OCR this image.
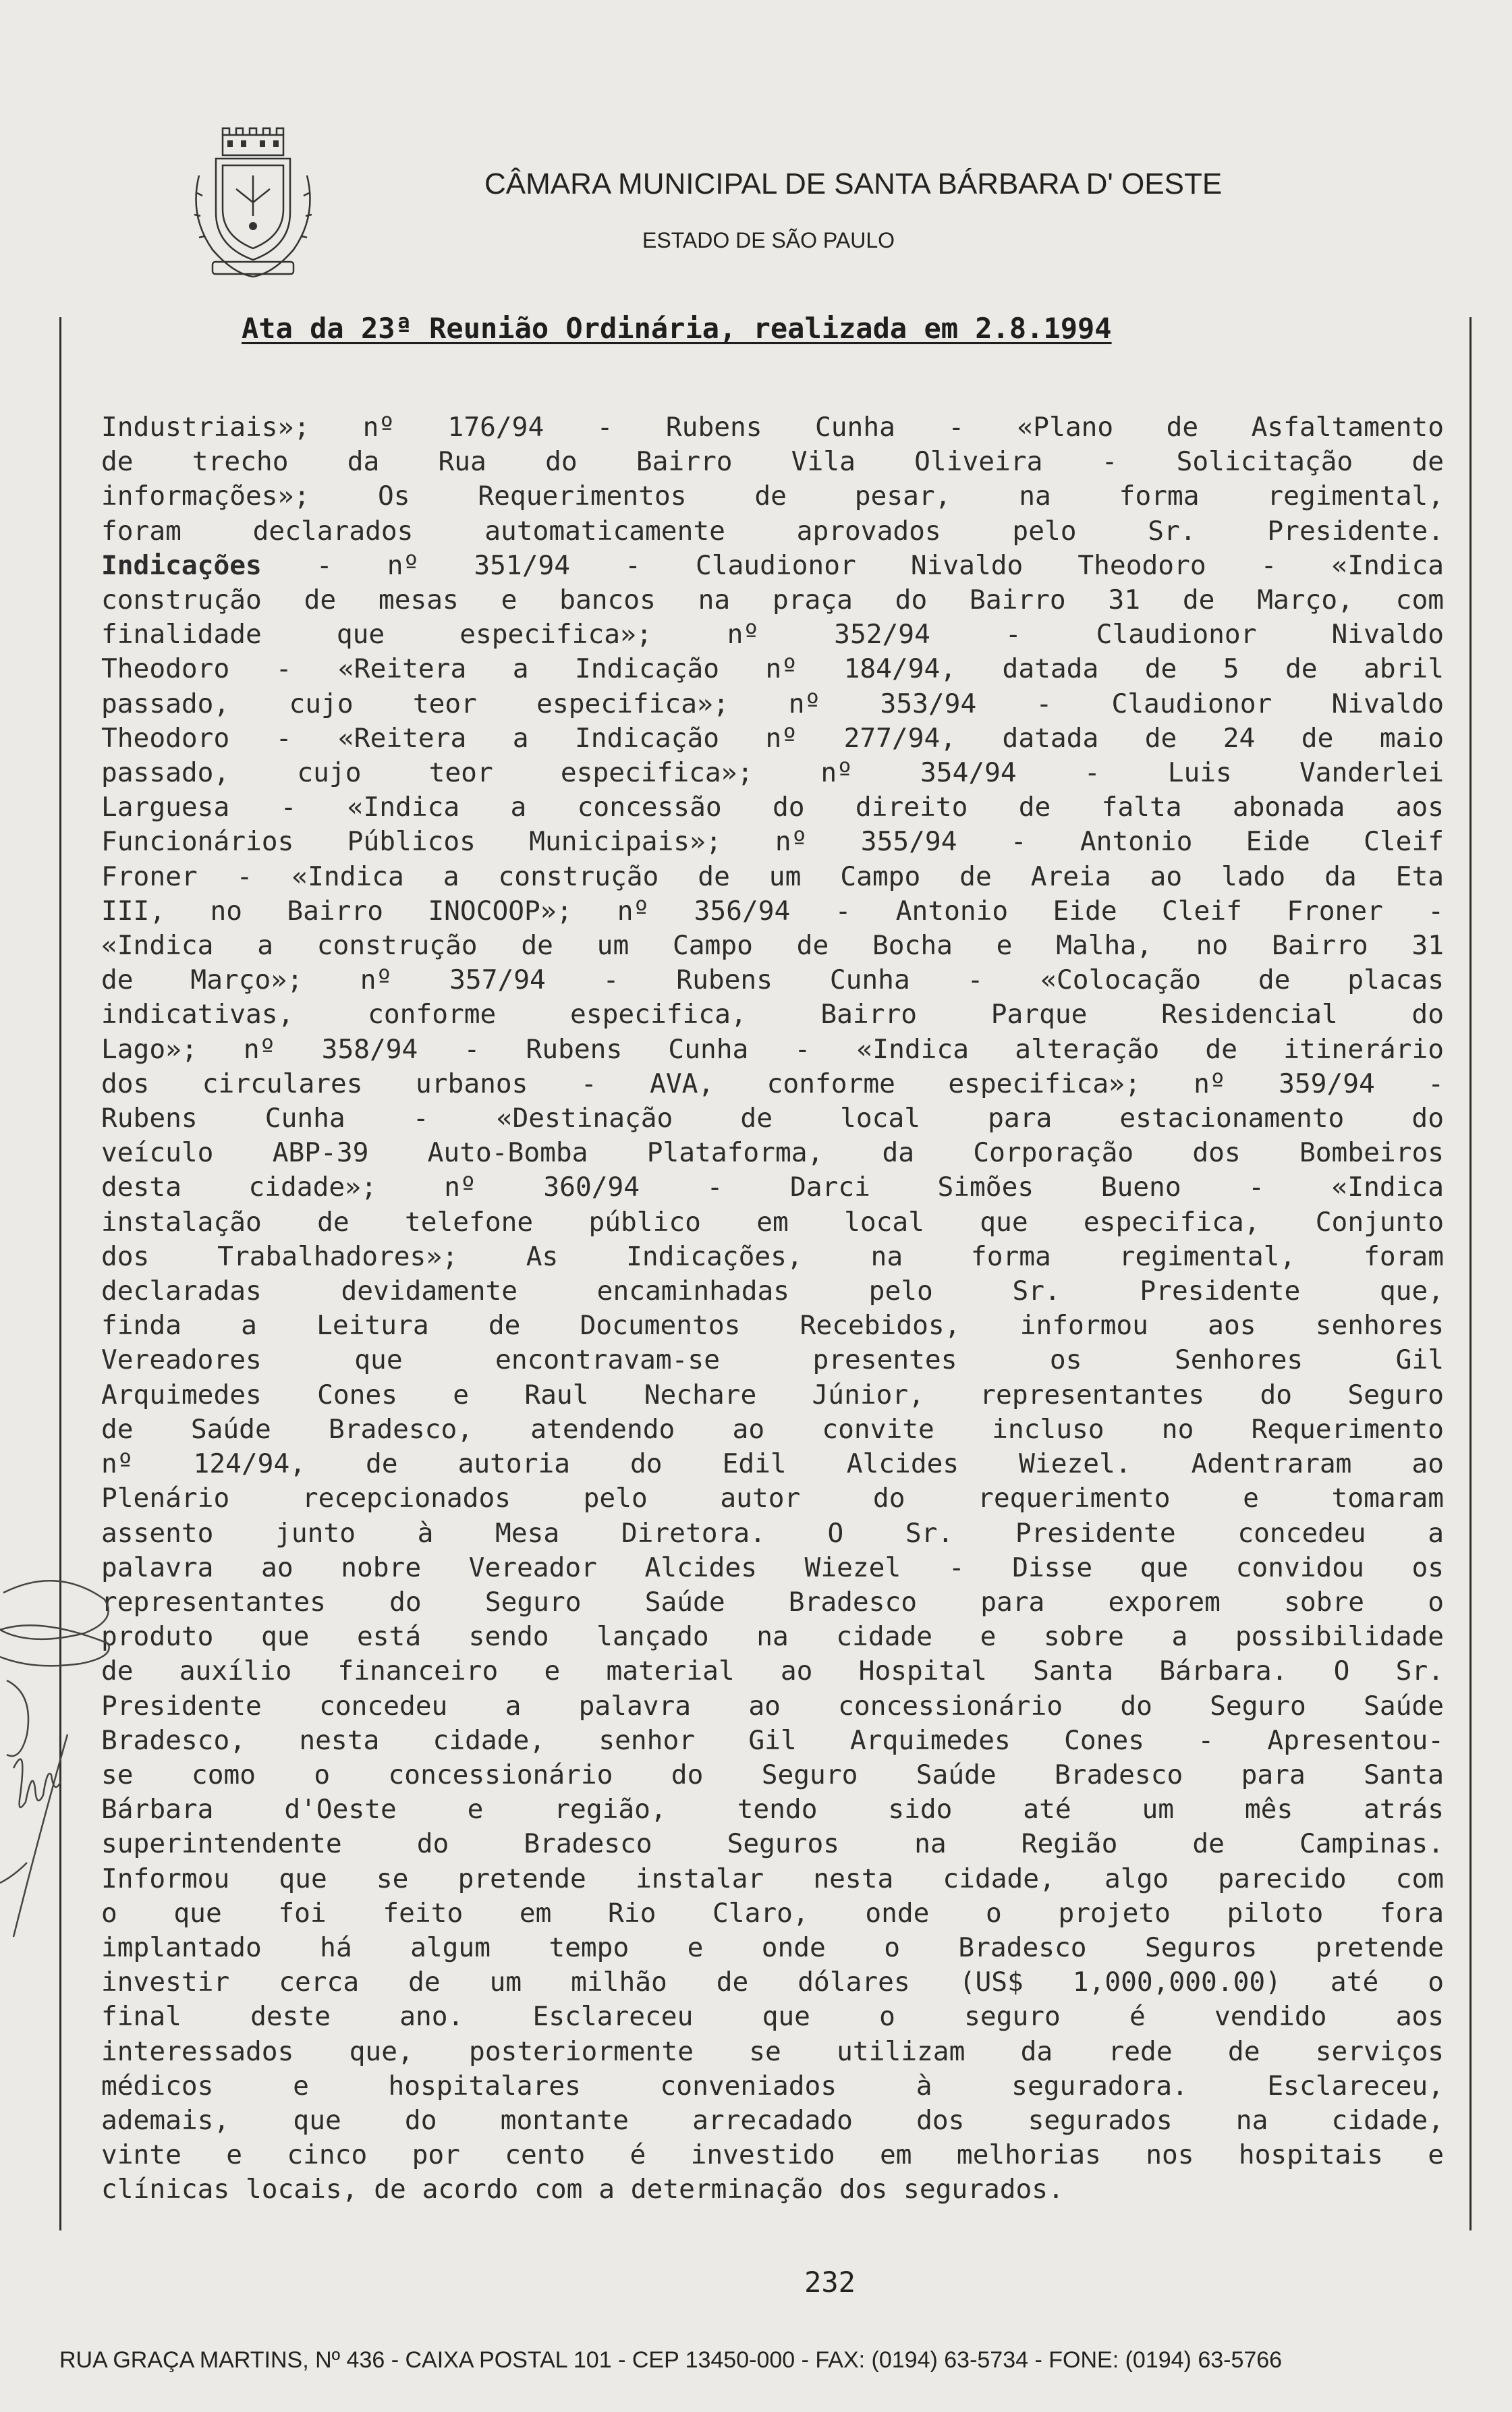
CÂMARA MUNICIPAL DE SANTA BÁRBARA D' OESTE
ESTADO DE SÃO PAULO
Ata da 23ª Reunião Ordinária, realizada em 2.8.1994
Industriais»; nº 176/94 - Rubens Cunha - «Plano de Asfaltamento
de trecho da Rua do Bairro Vila Oliveira - Solicitação de
informações»; Os Requerimentos de pesar, na forma regimental,
foram declarados automaticamente aprovados pelo Sr. Presidente.
Indicações - nº 351/94 - Claudionor Nivaldo Theodoro - «Indica
construção de mesas e bancos na praça do Bairro 31 de Março, com
finalidade que especifica»; nº 352/94 - Claudionor Nivaldo
Theodoro - «Reitera a Indicação nº 184/94, datada de 5 de abril
passado, cujo teor especifica»; nº 353/94 - Claudionor Nivaldo
Theodoro - «Reitera a Indicação nº 277/94, datada de 24 de maio
passado, cujo teor especifica»; nº 354/94 - Luis Vanderlei
Larguesa - «Indica a concessão do direito de falta abonada aos
Funcionários Públicos Municipais»; nº 355/94 - Antonio Eide Cleif
Froner - «Indica a construção de um Campo de Areia ao lado da Eta
III, no Bairro INOCOOP»; nº 356/94 - Antonio Eide Cleif Froner -
«Indica a construção de um Campo de Bocha e Malha, no Bairro 31
de Março»; nº 357/94 - Rubens Cunha - «Colocação de placas
indicativas, conforme especifica, Bairro Parque Residencial do
Lago»; nº 358/94 - Rubens Cunha - «Indica alteração de itinerário
dos circulares urbanos - AVA, conforme especifica»; nº 359/94 -
Rubens Cunha - «Destinação de local para estacionamento do
veículo ABP-39 Auto-Bomba Plataforma, da Corporação dos Bombeiros
desta cidade»; nº 360/94 - Darci Simões Bueno - «Indica
instalação de telefone público em local que especifica, Conjunto
dos Trabalhadores»; As Indicações, na forma regimental, foram
declaradas devidamente encaminhadas pelo Sr. Presidente que,
finda a Leitura de Documentos Recebidos, informou aos senhores
Vereadores que encontravam-se presentes os Senhores Gil
Arquimedes Cones e Raul Nechare Júnior, representantes do Seguro
de Saúde Bradesco, atendendo ao convite incluso no Requerimento
nº 124/94, de autoria do Edil Alcides Wiezel. Adentraram ao
Plenário recepcionados pelo autor do requerimento e tomaram
assento junto à Mesa Diretora. O Sr. Presidente concedeu a
palavra ao nobre Vereador Alcides Wiezel - Disse que convidou os
representantes do Seguro Saúde Bradesco para exporem sobre o
produto que está sendo lançado na cidade e sobre a possibilidade
de auxílio financeiro e material ao Hospital Santa Bárbara. O Sr.
Presidente concedeu a palavra ao concessionário do Seguro Saúde
Bradesco, nesta cidade, senhor Gil Arquimedes Cones - Apresentou-
se como o concessionário do Seguro Saúde Bradesco para Santa
Bárbara d'Oeste e região, tendo sido até um mês atrás
superintendente do Bradesco Seguros na Região de Campinas.
Informou que se pretende instalar nesta cidade, algo parecido com
o que foi feito em Rio Claro, onde o projeto piloto fora
implantado há algum tempo e onde o Bradesco Seguros pretende
investir cerca de um milhão de dólares (US$ 1,000,000.00) até o
final deste ano. Esclareceu que o seguro é vendido aos
interessados que, posteriormente se utilizam da rede de serviços
médicos e hospitalares conveniados à seguradora. Esclareceu,
ademais, que do montante arrecadado dos segurados na cidade,
vinte e cinco por cento é investido em melhorias nos hospitais e
clínicas locais, de acordo com a determinação dos segurados.
232
RUA GRAÇA MARTINS, Nº 436 - CAIXA POSTAL 101 - CEP 13450-000 - FAX: (0194) 63-5734 - FONE: (0194) 63-5766
